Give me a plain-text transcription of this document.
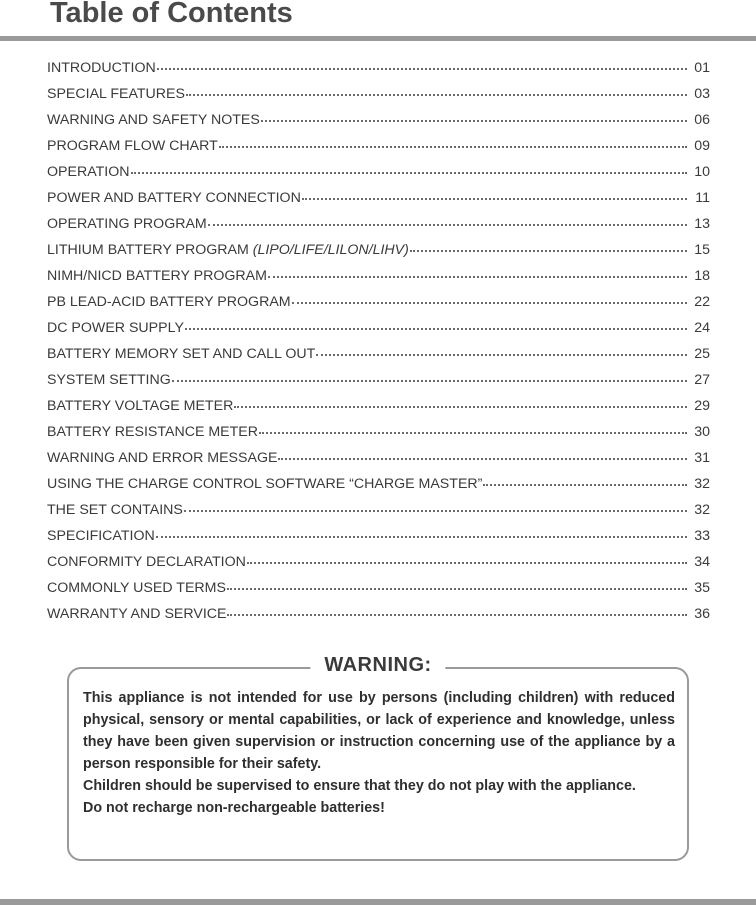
Table of Contents
INTRODUCTION	01
SPECIAL FEATURES	03
WARNING AND SAFETY NOTES	06
PROGRAM FLOW CHART	09
OPERATION	10
POWER AND BATTERY CONNECTION	11
OPERATING PROGRAM	13
LITHIUM BATTERY PROGRAM (LIPO/LIFE/LILON/LIHV)	15
NIMH/NICD BATTERY PROGRAM	18
PB LEAD-ACID BATTERY PROGRAM	22
DC POWER SUPPLY	24
BATTERY MEMORY SET AND CALL OUT	25
SYSTEM SETTING	27
BATTERY VOLTAGE METER	29
BATTERY RESISTANCE METER	30
WARNING AND ERROR MESSAGE	31
USING THE CHARGE CONTROL SOFTWARE “CHARGE MASTER”	32
THE SET CONTAINS	32
SPECIFICATION	33
CONFORMITY DECLARATION	34
COMMONLY USED TERMS	35
WARRANTY AND SERVICE	36
WARNING:

This appliance is not intended for use by persons (including children) with reduced physical, sensory or mental capabilities, or lack of experience and knowledge, unless they have been given supervision or instruction concerning use of the appliance by a person responsible for their safety.

Children should be supervised to ensure that they do not play with the appliance.

Do not recharge non-rechargeable batteries!
